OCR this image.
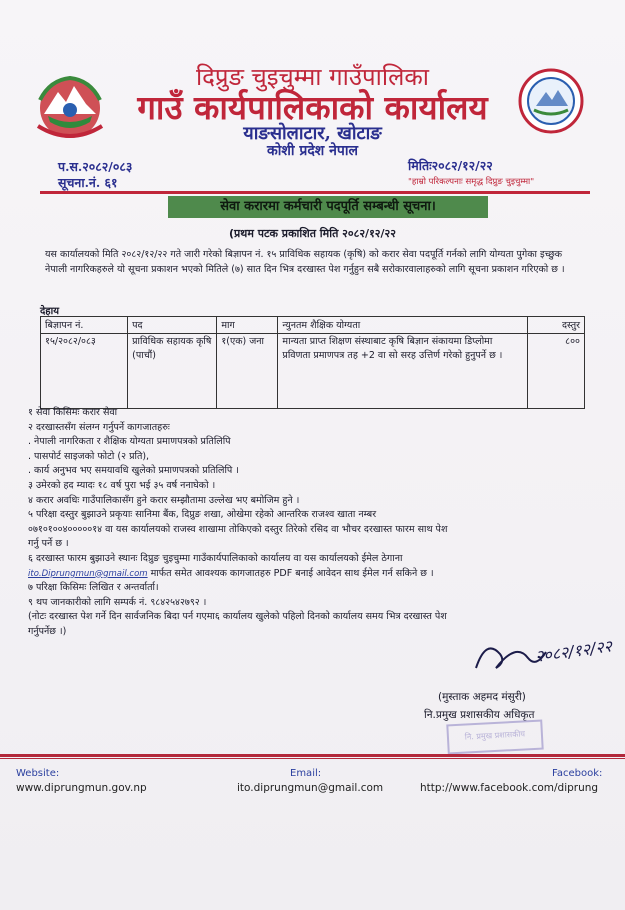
दिप्रुङ चुइचुम्मा गाउँपालिका
गाउँ कार्यपालिकाको कार्यालय
याङसोलाटार, खोटाङ
कोशी प्रदेश नेपाल
प.स.२०८२/०८३
सूचना.नं. ६१
मितिः२०८२/१२/२२
"हाम्रो परिकल्पनाः समृद्ध दिप्रुङ चुइचुम्मा"
सेवा करारमा कर्मचारी पदपूर्ति सम्बन्धी सूचना।
(प्रथम पटक प्रकाशित मिति २०८२/१२/२२
यस कार्यालयको मिति २०८२/१२/२२ गते जारी गरेको बिज्ञापन नं. १५ प्राविधिक सहायक (कृषि) को करार सेवा पदपूर्ति गर्नको लागि योग्यता पुगेका इच्छुक नेपाली नागरिकहरुले यो सूचना प्रकाशन भएको मितिले (७) सात दिन भित्र दरखास्त पेश गर्नुहुन सबै सरोकारवालाहरुको लागि सूचना प्रकाशन गरिएको छ ।
देहाय
बिज्ञापन नं.	पद	माग	न्युनतम शैक्षिक योग्यता	दस्तुर
१५/२०८२/०८३	प्राविधिक सहायक कृषि (पाचौं)	१(एक) जना	मान्यता प्राप्त शिक्षण संस्थाबाट कृषि बिज्ञान संकायमा डिप्लोमा प्रविणता प्रमाणपत्र तह +2 वा सो सरह उत्तिर्ण गरेको हुनुपर्ने छ ।	८००
१ सेवा किसिमः करार सेवा
२ दरखास्तसँग संलग्न गर्नुपर्ने कागजातहरुः
. नेपाली नागरिकता र शैक्षिक योग्यता प्रमाणपत्रको प्रतिलिपि
. पासपोर्ट साइजको फोटो (२ प्रति),
. कार्य अनुभव भए समयावधि खुलेको प्रमाणपत्रको प्रतिलिपि ।
३ उमेरको हद म्यादः १८ वर्ष पुरा भई ३५ वर्ष ननाघेको ।
४ करार अवधिः गाउँपालिकासँग हुने करार सम्झौतामा उल्लेख भए बमोजिम हुने ।
५ परिक्षा दस्तुर बुझाउने प्रकृयाः सानिमा बैंक, दिप्रुङ शखा, ओखेमा रहेको आन्तरिक राजश्व खाता नम्बर
०७१०१००४०००००१४ वा यस कार्यालयको राजस्व शाखामा तोकिएको दस्तुर तिरेको रसिद वा भौचर दरखास्त फारम साथ पेश
गर्नु पर्ने छ ।
६ दरखास्त फारम बुझाउने स्थानः दिप्रुङ चुइचुम्मा गाउँकार्यपालिकाको कार्यालय वा यस कार्यालयको ईमेल ठेगाना
ito.Diprungmun@gmail.com मार्फत समेत आवश्यक कागजातहरु PDF बनाई आवेदन साथ ईमेल गर्न सकिने छ ।
७ परिक्षा किसिमः लिखित र अन्तर्वार्ता।
९ थप जानकारीको लागि सम्पर्क नं. ९८४२५४२७९२ ।
(नोटः दरखास्त पेश गर्ने दिन सार्वजनिक बिदा पर्न गएमा६ कार्यालय खुलेको पहिलो दिनको कार्यालय समय भित्र दरखास्त पेश
गर्नुपर्नेछ ।)
२०८२/१२/२२
(मुस्ताक अहमद मंसुरी)
नि.प्रमुख प्रशासकीय अधिकृत
नि. प्रमुख प्रशासकीय
Website:
www.diprungmun.gov.np
Email:
ito.diprungmun@gmail.com
Facebook:
http://www.facebook.com/diprung
